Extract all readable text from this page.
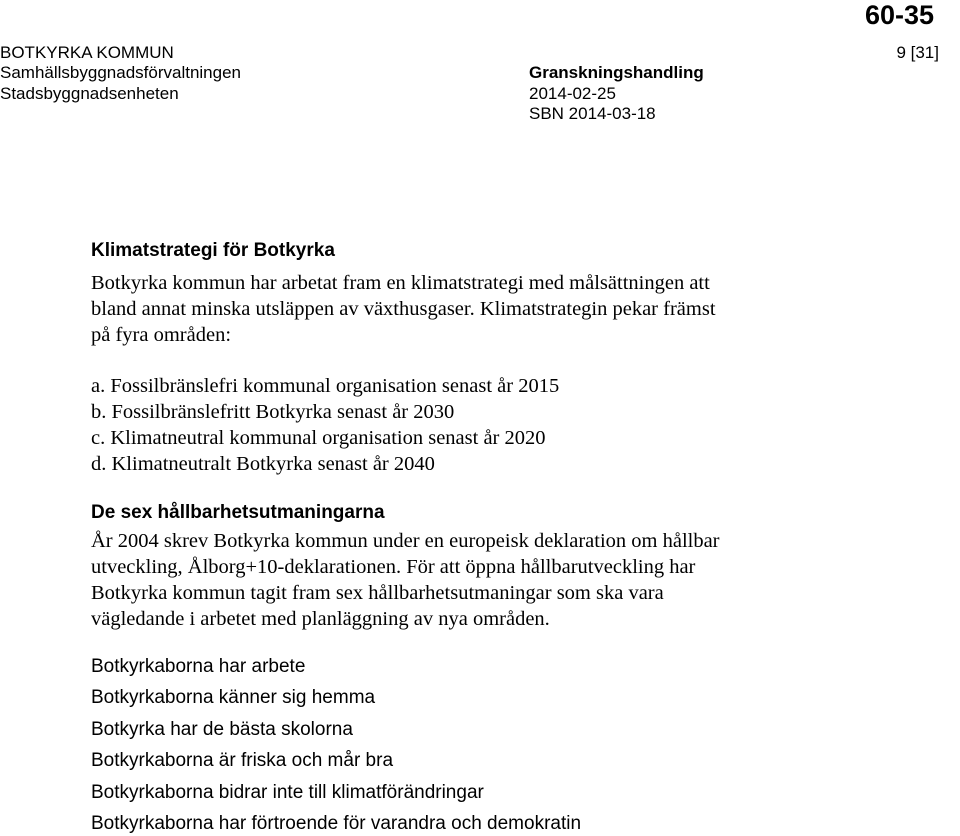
60-35
BOTKYRKA KOMMUN
Samhällsbyggnadsförvaltningen
Stadsbyggnadsenheten
Granskningshandling
2014-02-25
SBN 2014-03-18
9 [31]
Klimatstrategi för Botkyrka
Botkyrka kommun har arbetat fram en klimatstrategi med målsättningen att
bland annat minska utsläppen av växthusgaser. Klimatstrategin pekar främst
på fyra områden:
a. Fossilbränslefri kommunal organisation senast år 2015
b. Fossilbränslefritt Botkyrka senast år 2030
c. Klimatneutral kommunal organisation senast år 2020
d. Klimatneutralt Botkyrka senast år 2040
De sex hållbarhetsutmaningarna
År 2004 skrev Botkyrka kommun under en europeisk deklaration om hållbar
utveckling, Ålborg+10-deklarationen. För att öppna hållbarutveckling har
Botkyrka kommun tagit fram sex hållbarhetsutmaningar som ska vara
vägledande i arbetet med planläggning av nya områden.
Botkyrkaborna har arbete
Botkyrkaborna känner sig hemma
Botkyrka har de bästa skolorna
Botkyrkaborna är friska och mår bra
Botkyrkaborna bidrar inte till klimatförändringar
Botkyrkaborna har förtroende för varandra och demokratin
